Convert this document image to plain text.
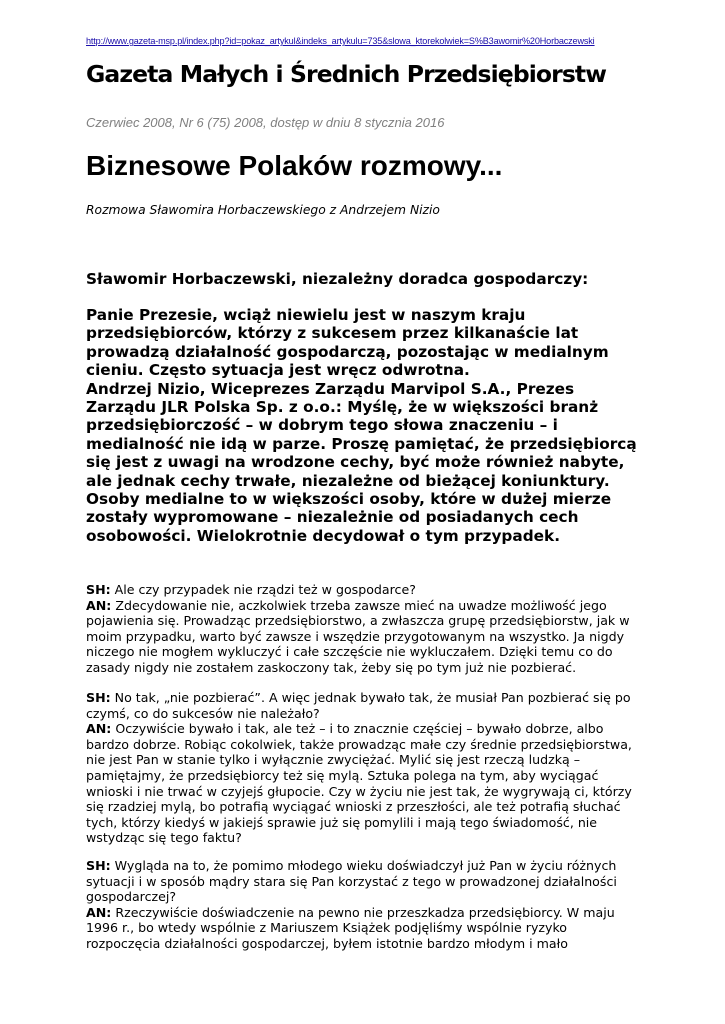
http://www.gazeta-msp.pl/index.php?id=pokaz_artykul&indeks_artykulu=735&slowa_ktorekolwiek=S%B3awomir%20Horbaczewski
Gazeta Małych i Średnich Przedsiębiorstw
Czerwiec 2008, Nr 6 (75) 2008, dostęp w dniu 8 stycznia 2016
Biznesowe Polaków rozmowy...
Rozmowa Sławomira Horbaczewskiego z Andrzejem Nizio

Sławomir Horbaczewski, niezależny doradca gospodarczy:

Panie Prezesie, wciąż niewielu jest w naszym kraju przedsiębiorców, którzy z sukcesem przez kilkanaście lat prowadzą działalność gospodarczą, pozostając w medialnym cieniu. Często sytuacja jest wręcz odwrotna.

Andrzej Nizio, Wiceprezes Zarządu Marvipol S.A., Prezes Zarządu JLR Polska Sp. z o.o.: Myślę, że w większości branż przedsiębiorczość – w dobrym tego słowa znaczeniu – i medialność nie idą w parze. Proszę pamiętać, że przedsiębiorcą się jest z uwagi na wrodzone cechy, być może również nabyte, ale jednak cechy trwałe, niezależne od bieżącej koniunktury. Osoby medialne to w większości osoby, które w dużej mierze zostały wypromowane – niezależnie od posiadanych cech osobowości. Wielokrotnie decydował o tym przypadek.

SH: Ale czy przypadek nie rządzi też w gospodarce?

AN: Zdecydowanie nie, aczkolwiek trzeba zawsze mieć na uwadze możliwość jego pojawienia się. Prowadząc przedsiębiorstwo, a zwłaszcza grupę przedsiębiorstw, jak w moim przypadku, warto być zawsze i wszędzie przygotowanym na wszystko. Ja nigdy niczego nie mogłem wykluczyć i całe szczęście nie wykluczałem. Dzięki temu co do zasady nigdy nie zostałem zaskoczony tak, żeby się po tym już nie pozbierać.

SH: No tak, „nie pozbierać”. A więc jednak bywało tak, że musiał Pan pozbierać się po czymś, co do sukcesów nie należało?

AN: Oczywiście bywało i tak, ale też – i to znacznie częściej – bywało dobrze, albo bardzo dobrze. Robiąc cokolwiek, także prowadząc małe czy średnie przedsiębiorstwa, nie jest Pan w stanie tylko i wyłącznie zwyciężać. Mylić się jest rzeczą ludzką – pamiętajmy, że przedsiębiorcy też się mylą. Sztuka polega na tym, aby wyciągać wnioski i nie trwać w czyjejś głupocie. Czy w życiu nie jest tak, że wygrywają ci, którzy się rzadziej mylą, bo potrafią wyciągać wnioski z przeszłości, ale też potrafią słuchać tych, którzy kiedyś w jakiejś sprawie już się pomylili i mają tego świadomość, nie wstydząc się tego faktu?

SH: Wygląda na to, że pomimo młodego wieku doświadczył już Pan w życiu różnych sytuacji i w sposób mądry stara się Pan korzystać z tego w prowadzonej działalności gospodarczej?

AN: Rzeczywiście doświadczenie na pewno nie przeszkadza przedsiębiorcy. W maju 1996 r., bo wtedy wspólnie z Mariuszem Książek podjęliśmy wspólnie ryzyko rozpoczęcia działalności gospodarczej, byłem istotnie bardzo młodym i mało
